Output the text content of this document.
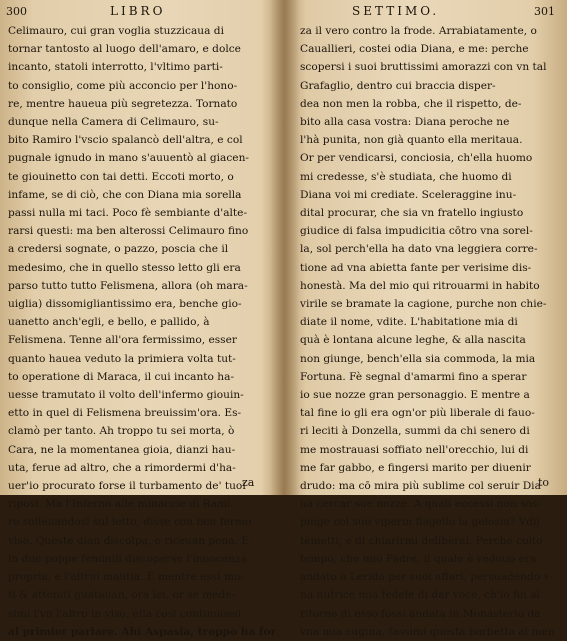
300	LIBRO
Celimauro, cui gran voglia stuzzicaua di
tornar tantosto al luogo dell'amaro, e dolce
incanto, statoli interrotto, l'vltimo parti-
to consiglio, come più acconcio per l'hono-
re, mentre haueua più segretezza. Tornato
dunque nella Camera di Celimauro, su-
bito Ramiro l'vscio spalancò dell'altra, e col
pugnale ignudo in mano s'auuentò al giacen-
te giouinetto con tai detti. Eccoti morto, o
infame, se di ciò, che con Diana mia sorella
passi nulla mi taci. Poco fè sembiante d'alte-
rarsi questi: ma ben alterossi Celimauro fino
a credersi sognate, o pazzo, poscia che il
medesimo, che in quello stesso letto gli era
parso tutto tutto Felismena, allora (oh mara-
uiglia) dissomigliantissimo era, benche gio-
uanetto anch'egli, e bello, e pallido, à
Felismena. Tenne all'ora fermissimo, esser
quanto hauea veduto la primiera volta tut-
to operatione di Maraca, il cui incanto ha-
uesse tramutato il volto dell'infermo giouin-
etto in quel di Felismena breuissim'ora. Es-
clamò per tanto. Ah troppo tu sei morta, ò
Cara, ne la momentanea gioia, dianzi hau-
uta, ferue ad altro, che a rimordermi d'ha-
uer'io procurato forse il turbamento de' tuoi
riposi. Ma l'Inferno alle minaccie di Rami-
ro solleuandosi sul letto, disse con ben fermo
viso. Queste dian discolpa, o riceuan pena. E
in due poppe feminili discoperse l'innocenza
propria, e l'altrui malitia. E mentre essi mu-
ti & attoniti guatauan, ora lei, or se mede-
simi l'vn l'altro in viso, ella così continuossi
al primier parlare. Ahi Aspasia, troppo ha for
za
SETTIMO.	301
za il vero contro la frode. Arrabiatamente, o
Cauallieri, costei odia Diana, e me: perche
scopersi i suoi bruttissimi amorazzi con vn tal
Grafaglio, dentro cui braccia disper-
dea non men la robba, che il rispetto, de-
bito alla casa vostra: Diana peroche ne
l'hà punita, non già quanto ella meritaua.
Or per vendicarsi, conciosia, ch'ella huomo
mi credesse, s'è studiata, che huomo di
Diana voi mi crediate. Sceleraggine inu-
dital procurar, che sia vn fratello ingiusto
giudice di falsa impudicitia cōtro vna sorel-
la, sol perch'ella ha dato vna leggiera corre-
tione ad vna abietta fante per verisime dis-
honestà. Ma del mio qui ritrouarmi in habito
virile se bramate la cagione, purche non chie-
diate il nome, vdite. L'habitatione mia di
quà è lontana alcune leghe, & alla nascita
non giunge, bench'ella sia commoda, la mia
Fortuna. Fè segnal d'amarmi fino a sperar
io sue nozze gran personaggio. E mentre a
tal fine io gli era ogn'or più liberale di fauo-
ri leciti à Donzella, summi da chi senero di
me mostrauasi soffiato nell'orecchio, lui di
me far gabbo, e fingersi marito per diuenir
drudo: ma cō mira più sublime col seruir Dia
na cercar sue nozze. A quali eccessi non sos-
pinge col suo viperin flagello la gelosia? Vdij
temetti, e di chiarirmi deliberai. Perche colto
tempo, che mio Padre, il quale è vedouo era
andato a Lerida per suoi affari, persuadendo v-
na nutrice mia fedele di dar voce, ch'io fin al
ritorno di esso fossi andata in Monasterio da
vna mia cugina, fassimi questa barbetta al men
to
